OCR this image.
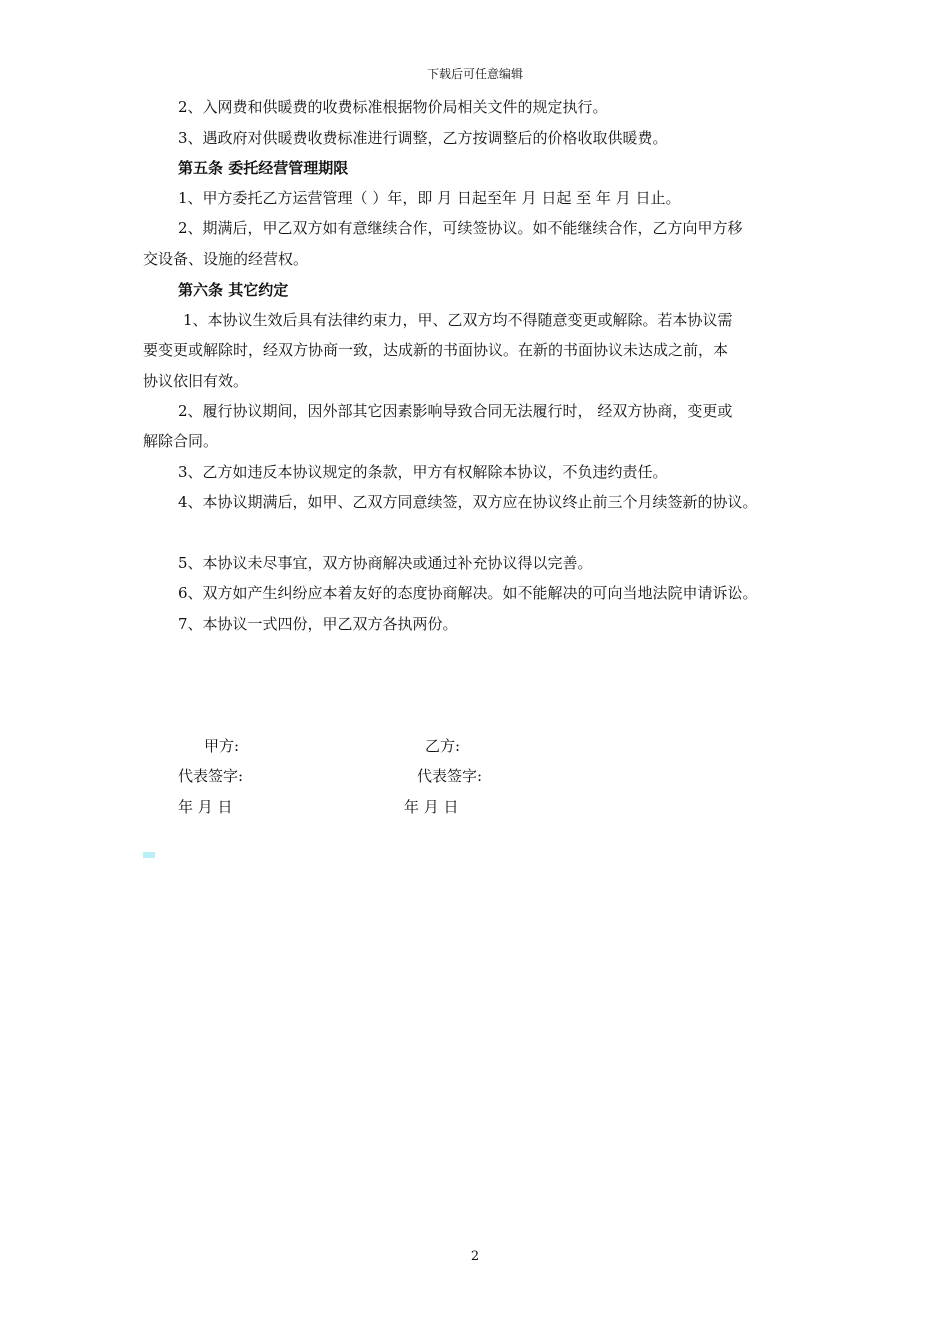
下载后可任意编辑
2、入网费和供暖费的收费标准根据物价局相关文件的规定执行。
3、遇政府对供暖费收费标准进行调整，乙方按调整后的价格收取供暖费。
第五条 委托经营管理期限
1、甲方委托乙方运营管理（ ）年，即 月 日起至年 月 日起 至 年 月 日止。
2、期满后，甲乙双方如有意继续合作，可续签协议。如不能继续合作，乙方向甲方移
交设备、设施的经营权。
第六条 其它约定
1、本协议生效后具有法律约束力，甲、乙双方均不得随意变更或解除。若本协议需
要变更或解除时，经双方协商一致，达成新的书面协议。在新的书面协议未达成之前，本
协议依旧有效。
2、履行协议期间，因外部其它因素影响导致合同无法履行时， 经双方协商，变更或
解除合同。
3、乙方如违反本协议规定的条款，甲方有权解除本协议，不负违约责任。
4、本协议期满后，如甲、乙双方同意续签，双方应在协议终止前三个月续签新的协议。
5、本协议未尽事宜，双方协商解决或通过补充协议得以完善。
6、双方如产生纠纷应本着友好的态度协商解决。如不能解决的可向当地法院申请诉讼。
7、本协议一式四份，甲乙双方各执两份。
甲方:	乙方:
代表签字:	代表签字:
年 月 日	年 月 日
2
